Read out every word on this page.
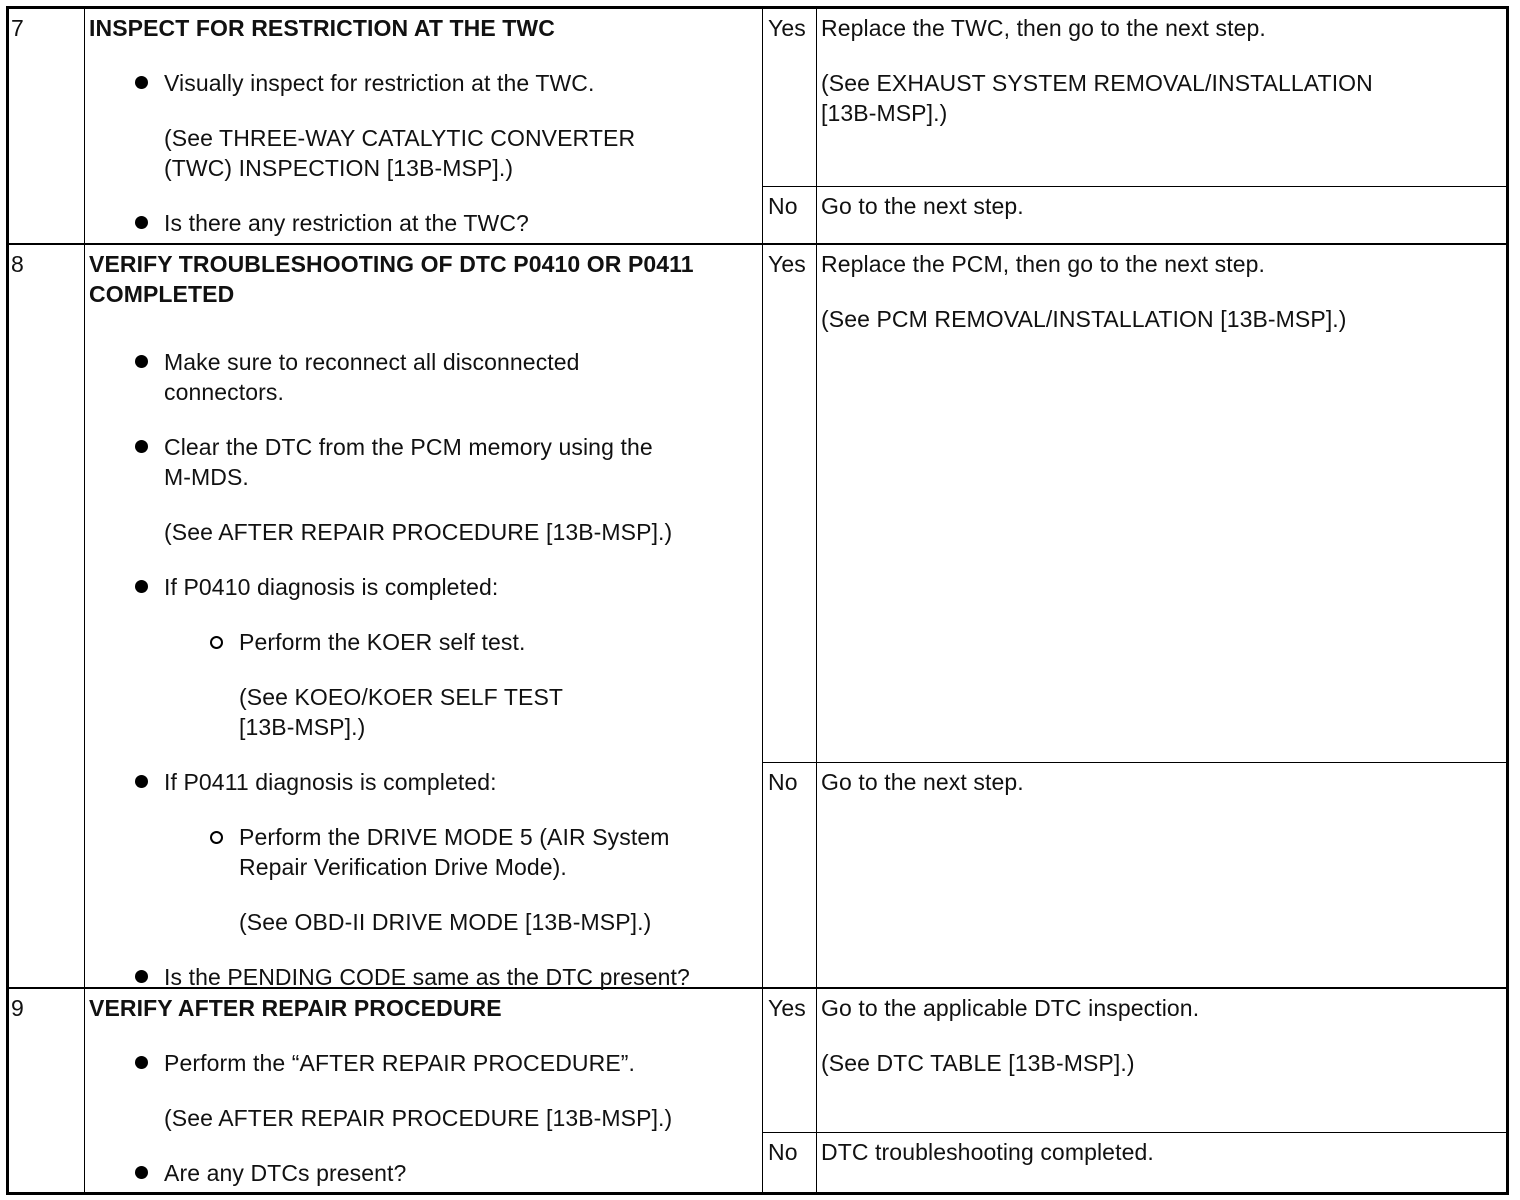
7	INSPECT FOR RESTRICTION AT THE TWC
Visually inspect for restriction at the TWC.
(See THREE-WAY CATALYTIC CONVERTER
(TWC) INSPECTION [13B-MSP].)
Is there any restriction at the TWC?
Yes Replace the TWC, then go to the next step.
(See EXHAUST SYSTEM REMOVAL/INSTALLATION
[13B-MSP].)
No Go to the next step.
8	VERIFY TROUBLESHOOTING OF DTC P0410 OR P0411
COMPLETED
Make sure to reconnect all disconnected
connectors.
Clear the DTC from the PCM memory using the
M-MDS.
(See AFTER REPAIR PROCEDURE [13B-MSP].)
If P0410 diagnosis is completed:
Perform the KOER self test.
(See KOEO/KOER SELF TEST
[13B-MSP].)
If P0411 diagnosis is completed:
Perform the DRIVE MODE 5 (AIR System
Repair Verification Drive Mode).
(See OBD-II DRIVE MODE [13B-MSP].)
Is the PENDING CODE same as the DTC present?
Yes Replace the PCM, then go to the next step.
(See PCM REMOVAL/INSTALLATION [13B-MSP].)
No Go to the next step.
9	VERIFY AFTER REPAIR PROCEDURE
Perform the “AFTER REPAIR PROCEDURE”.
(See AFTER REPAIR PROCEDURE [13B-MSP].)
Are any DTCs present?
Yes Go to the applicable DTC inspection.
(See DTC TABLE [13B-MSP].)
No DTC troubleshooting completed.
